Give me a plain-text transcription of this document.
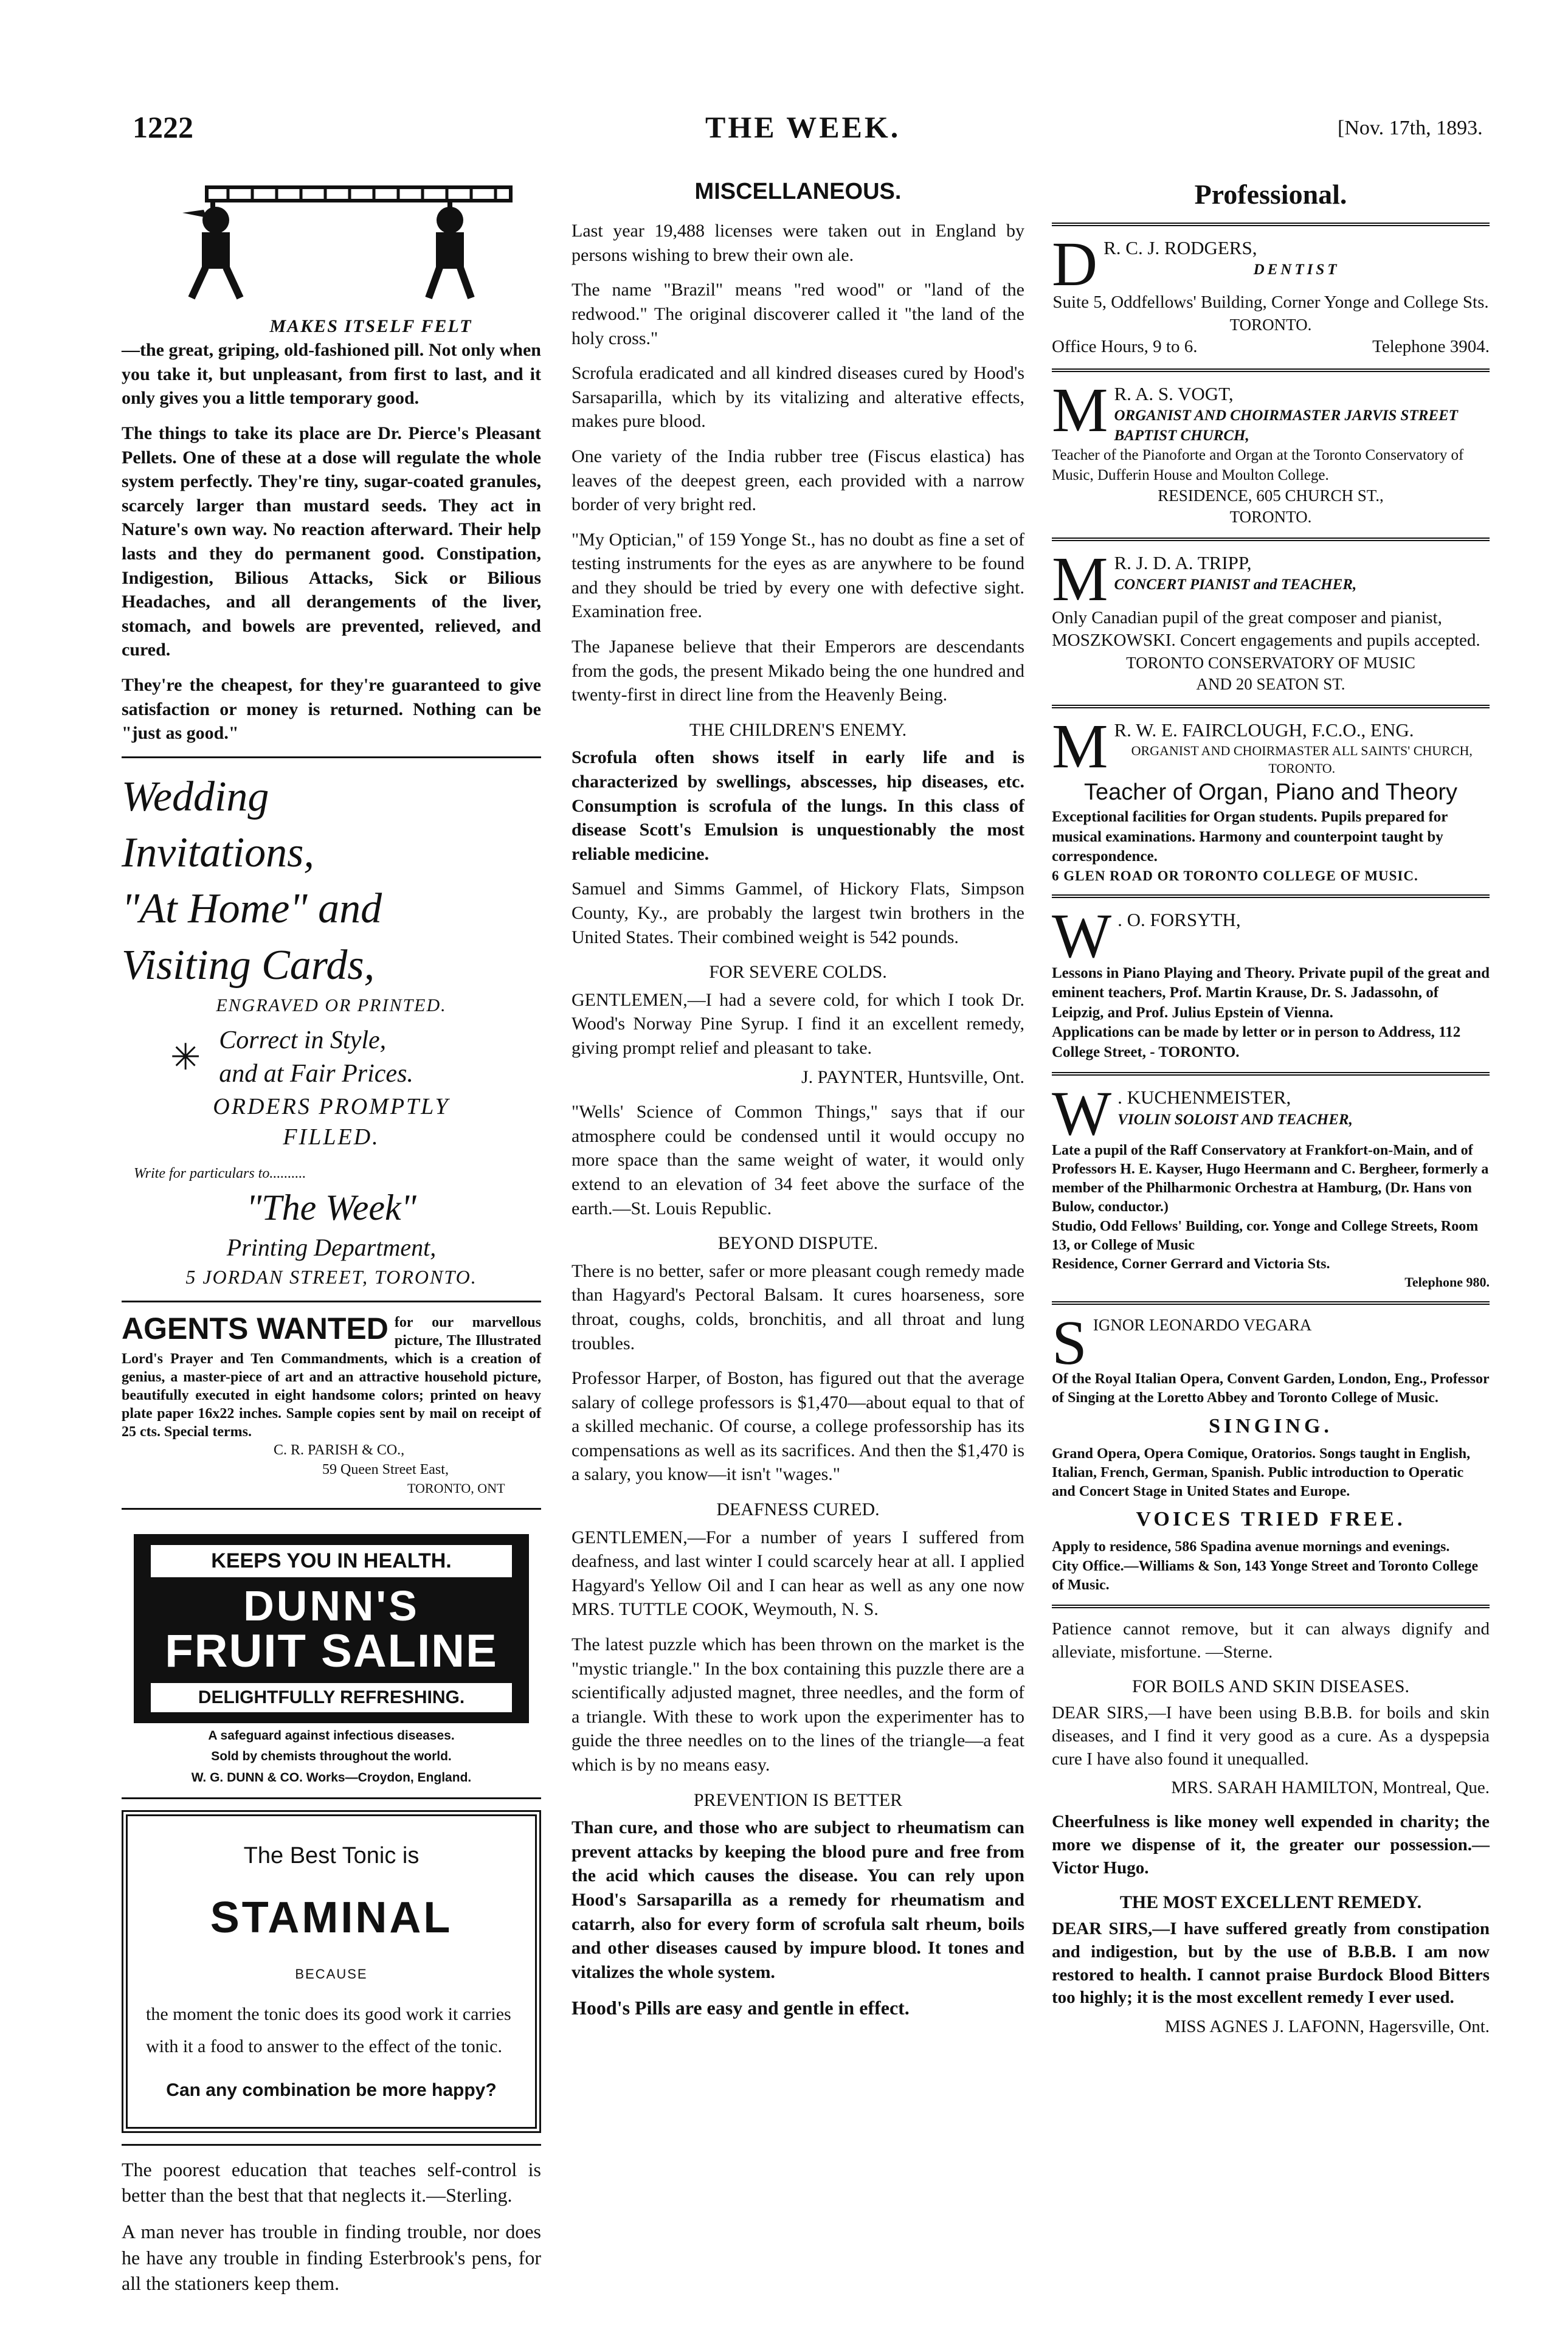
1222	THE WEEK.	[Nov. 17th, 1893.
MAKES ITSELF FELT

—the great, griping, old-fashioned pill. Not only when you take it, but unpleasant, from first to last, and it only gives you a little temporary good.

The things to take its place are Dr. Pierce's Pleasant Pellets. One of these at a dose will regulate the whole system perfectly. They're tiny, sugar-coated granules, scarcely larger than mustard seeds. They act in Nature's own way. No reaction afterward. Their help lasts and they do permanent good. Constipation, Indigestion, Bilious Attacks, Sick or Bilious Headaches, and all derangements of the liver, stomach, and bowels are prevented, relieved, and cured.

They're the cheapest, for they're guaranteed to give satisfaction or money is returned. Nothing can be "just as good."

Wedding
Invitations,
"At Home" and
Visiting Cards,
ENGRAVED OR PRINTED.
✳ Correct in Style,
and at Fair Prices.
ORDERS PROMPTLY
FILLED.
Write for particulars to..........
"The Week"
Printing Department,
5 JORDAN STREET, TORONTO.
AGENTS WANTED for our marvellous picture, The Illustrated Lord's Prayer and Ten Commandments, which is a creation of genius, a master-piece of art and an attractive household picture, beautifully executed in eight handsome colors; printed on heavy plate paper 16x22 inches. Sample copies sent by mail on receipt of 25 cts. Special terms.
C. R. PARISH & CO.,
59 Queen Street East,
TORONTO, ONT
KEEPS YOU IN HEALTH.
DUNN'S
FRUIT SALINE
DELIGHTFULLY REFRESHING.
A safeguard against infectious diseases.
Sold by chemists throughout the world.
W. G. DUNN & CO. Works—Croydon, England.
The Best Tonic is
STAMINAL
BECAUSE
the moment the tonic does its good work it carries with it a food to answer to the effect of the tonic.
Can any combination be more happy?

The poorest education that teaches self-control is better than the best that that neglects it.—Sterling.

A man never has trouble in finding trouble, nor does he have any trouble in finding Esterbrook's pens, for all the stationers keep them.

MISCELLANEOUS.

Last year 19,488 licenses were taken out in England by persons wishing to brew their own ale.

The name "Brazil" means "red wood" or "land of the redwood." The original discoverer called it "the land of the holy cross."

Scrofula eradicated and all kindred diseases cured by Hood's Sarsaparilla, which by its vitalizing and alterative effects, makes pure blood.

One variety of the India rubber tree (Fiscus elastica) has leaves of the deepest green, each provided with a narrow border of very bright red.

"My Optician," of 159 Yonge St., has no doubt as fine a set of testing instruments for the eyes as are anywhere to be found and they should be tried by every one with defective sight. Examination free.

The Japanese believe that their Emperors are descendants from the gods, the present Mikado being the one hundred and twenty-first in direct line from the Heavenly Being.

THE CHILDREN'S ENEMY.

Scrofula often shows itself in early life and is characterized by swellings, abscesses, hip diseases, etc. Consumption is scrofula of the lungs. In this class of disease Scott's Emulsion is unquestionably the most reliable medicine.

Samuel and Simms Gammel, of Hickory Flats, Simpson County, Ky., are probably the largest twin brothers in the United States. Their combined weight is 542 pounds.

FOR SEVERE COLDS.

GENTLEMEN,—I had a severe cold, for which I took Dr. Wood's Norway Pine Syrup. I find it an excellent remedy, giving prompt relief and pleasant to take.

J. PAYNTER, Huntsville, Ont.

"Wells' Science of Common Things," says that if our atmosphere could be condensed until it would occupy no more space than the same weight of water, it would only extend to an elevation of 34 feet above the surface of the earth.—St. Louis Republic.

BEYOND DISPUTE.

There is no better, safer or more pleasant cough remedy made than Hagyard's Pectoral Balsam. It cures hoarseness, sore throat, coughs, colds, bronchitis, and all throat and lung troubles.

Professor Harper, of Boston, has figured out that the average salary of college professors is $1,470—about equal to that of a skilled mechanic. Of course, a college professorship has its compensations as well as its sacrifices. And then the $1,470 is a salary, you know—it isn't "wages."

DEAFNESS CURED.

GENTLEMEN,—For a number of years I suffered from deafness, and last winter I could scarcely hear at all. I applied Hagyard's Yellow Oil and I can hear as well as any one now MRS. TUTTLE COOK, Weymouth, N. S.

The latest puzzle which has been thrown on the market is the "mystic triangle." In the box containing this puzzle there are a scientifically adjusted magnet, three needles, and the form of a triangle. With these to work upon the experimenter has to guide the three needles on to the lines of the triangle—a feat which is by no means easy.

PREVENTION IS BETTER

Than cure, and those who are subject to rheumatism can prevent attacks by keeping the blood pure and free from the acid which causes the disease. You can rely upon Hood's Sarsaparilla as a remedy for rheumatism and catarrh, also for every form of scrofula salt rheum, boils and other diseases caused by impure blood. It tones and vitalizes the whole system.

Hood's Pills are easy and gentle in effect.

Professional.
D R. C. J. RODGERS,
DENTIST
Suite 5, Oddfellows' Building, Corner Yonge and College Sts.
TORONTO.
Office Hours, 9 to 6.	Telephone 3904.
M R. A. S. VOGT,
ORGANIST AND CHOIRMASTER JARVIS STREET BAPTIST CHURCH,
Teacher of the Pianoforte and Organ at the Toronto Conservatory of Music, Dufferin House and Moulton College.
RESIDENCE, 605 CHURCH ST.,
TORONTO.
M R. J. D. A. TRIPP,
CONCERT PIANIST and TEACHER,
Only Canadian pupil of the great composer and pianist, MOSZKOWSKI. Concert engagements and pupils accepted.
TORONTO CONSERVATORY OF MUSIC
AND 20 SEATON ST.
M R. W. E. FAIRCLOUGH, F.C.O., ENG.
ORGANIST AND CHOIRMASTER ALL SAINTS' CHURCH, TORONTO.
Teacher of Organ, Piano and Theory
Exceptional facilities for Organ students. Pupils prepared for musical examinations. Harmony and counterpoint taught by correspondence.
6 GLEN ROAD OR TORONTO COLLEGE OF MUSIC.
W . O. FORSYTH,
Lessons in Piano Playing and Theory. Private pupil of the great and eminent teachers, Prof. Martin Krause, Dr. S. Jadassohn, of Leipzig, and Prof. Julius Epstein of Vienna.
Applications can be made by letter or in person to Address, 112 College Street, - TORONTO.
W . KUCHENMEISTER,
VIOLIN SOLOIST AND TEACHER,
Late a pupil of the Raff Conservatory at Frankfort-on-Main, and of Professors H. E. Kayser, Hugo Heermann and C. Bergheer, formerly a member of the Philharmonic Orchestra at Hamburg, (Dr. Hans von Bulow, conductor.)
Studio, Odd Fellows' Building, cor. Yonge and College Streets, Room 13, or College of Music
Residence, Corner Gerrard and Victoria Sts.
Telephone 980.
S IGNOR LEONARDO VEGARA
Of the Royal Italian Opera, Convent Garden, London, Eng., Professor of Singing at the Loretto Abbey and Toronto College of Music.
SINGING.
Grand Opera, Opera Comique, Oratorios. Songs taught in English, Italian, French, German, Spanish. Public introduction to Operatic and Concert Stage in United States and Europe.
VOICES TRIED FREE.
Apply to residence, 586 Spadina avenue mornings and evenings.
City Office.—Williams & Son, 143 Yonge Street and Toronto College of Music.

Patience cannot remove, but it can always dignify and alleviate, misfortune. —Sterne.

FOR BOILS AND SKIN DISEASES.

DEAR SIRS,—I have been using B.B.B. for boils and skin diseases, and I find it very good as a cure. As a dyspepsia cure I have also found it unequalled.

MRS. SARAH HAMILTON, Montreal, Que.

Cheerfulness is like money well expended in charity; the more we dispense of it, the greater our possession.—Victor Hugo.

THE MOST EXCELLENT REMEDY.

DEAR SIRS,—I have suffered greatly from constipation and indigestion, but by the use of B.B.B. I am now restored to health. I cannot praise Burdock Blood Bitters too highly; it is the most excellent remedy I ever used.

MISS AGNES J. LAFONN, Hagersville, Ont.
